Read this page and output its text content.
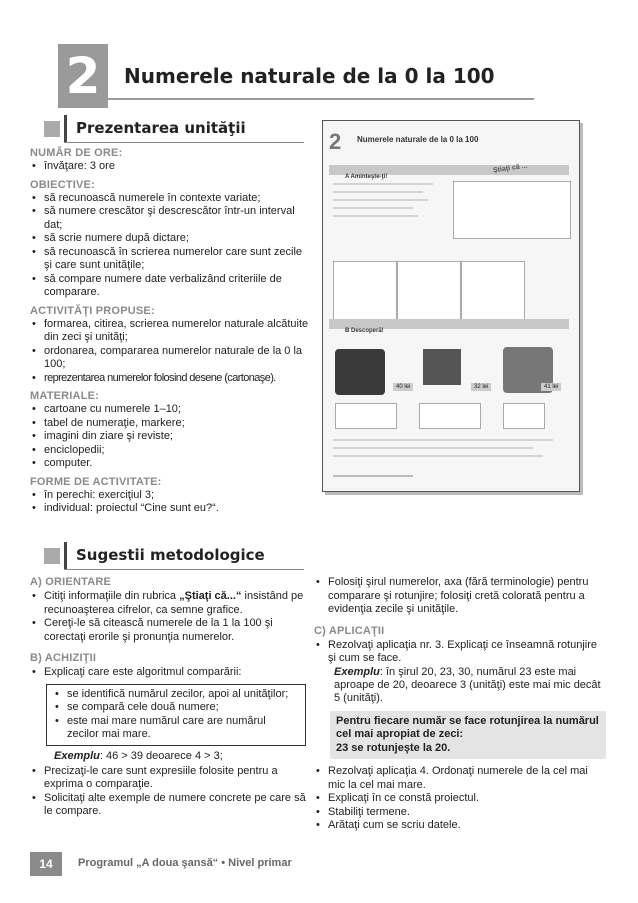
2	Numerele naturale de la 0 la 100
Prezentarea unităţii
NUMĂR DE ORE:
• învăţare: 3 ore
OBIECTIVE:
• să recunoască numerele în contexte variate;
• să numere crescător şi descrescător într-un interval dat;
• să scrie numere după dictare;
• să recunoască în scrierea numerelor care sunt zecile şi care sunt unităţile;
• să compare numere date verbalizând criteriile de comparare.
ACTIVITĂŢI PROPUSE:
• formarea, citirea, scrierea numerelor naturale alcătuite din zeci şi unităţi;
• ordonarea, compararea numerelor naturale de la 0 la 100;
• reprezentarea numerelor folosind desene (cartonaşe).
MATERIALE:
• cartoane cu numerele 1–10;
• tabel de numeraţie, markere;
• imagini din ziare şi reviste;
• enciclopedii;
• computer.
FORME DE ACTIVITATE:
• în perechi: exerciţiul 3;
• individual: proiectul “Cine sunt eu?“.
2 Numerele naturale de la 0 la 100
A Aminteşte-ţi!
Ştiaţi că ...
B Descoperă!
40 lei	32 lei	41 lei
Sugestii metodologice
A) ORIENTARE
• Citiţi informaţiile din rubrica „Ştiaţi că...“ insistând pe recunoaşterea cifrelor, ca semne grafice.
• Cereţi-le să citească numerele de la 1 la 100 şi corectaţi erorile şi pronunţia numerelor.
B) ACHIZIŢII
• Explicaţi care este algoritmul comparării:
• se identifică numărul zecilor, apoi al unităţilor;
• se compară cele două numere;
• este mai mare numărul care are numărul zecilor mai mare.
Exemplu: 46 > 39 deoarece 4 > 3;
• Precizaţi-le care sunt expresiile folosite pentru a exprima o comparaţie.
• Solicitaţi alte exemple de numere concrete pe care să le compare.
• Folosiţi şirul numerelor, axa (fără terminologie) pentru comparare şi rotunjire; folosiţi cretă colorată pentru a evidenţia zecile şi unităţile.
C) APLICAŢII
• Rezolvaţi aplicaţia nr. 3. Explicaţi ce înseamnă rotunjire şi cum se face.
Exemplu: în şirul 20, 23, 30, numărul 23 este mai aproape de 20, deoarece 3 (unităţi) este mai mic decât 5 (unităţi).
Pentru fiecare număr se face rotunjirea la numărul cel mai apropiat de zeci:
23 se rotunjeşte la 20.
• Rezolvaţi aplicaţia 4. Ordonaţi numerele de la cel mai mic la cel mai mare.
• Explicaţi în ce constă proiectul.
• Stabiliţi termene.
• Arătaţi cum se scriu datele.
14	Programul „A doua şansă“ • Nivel primar
